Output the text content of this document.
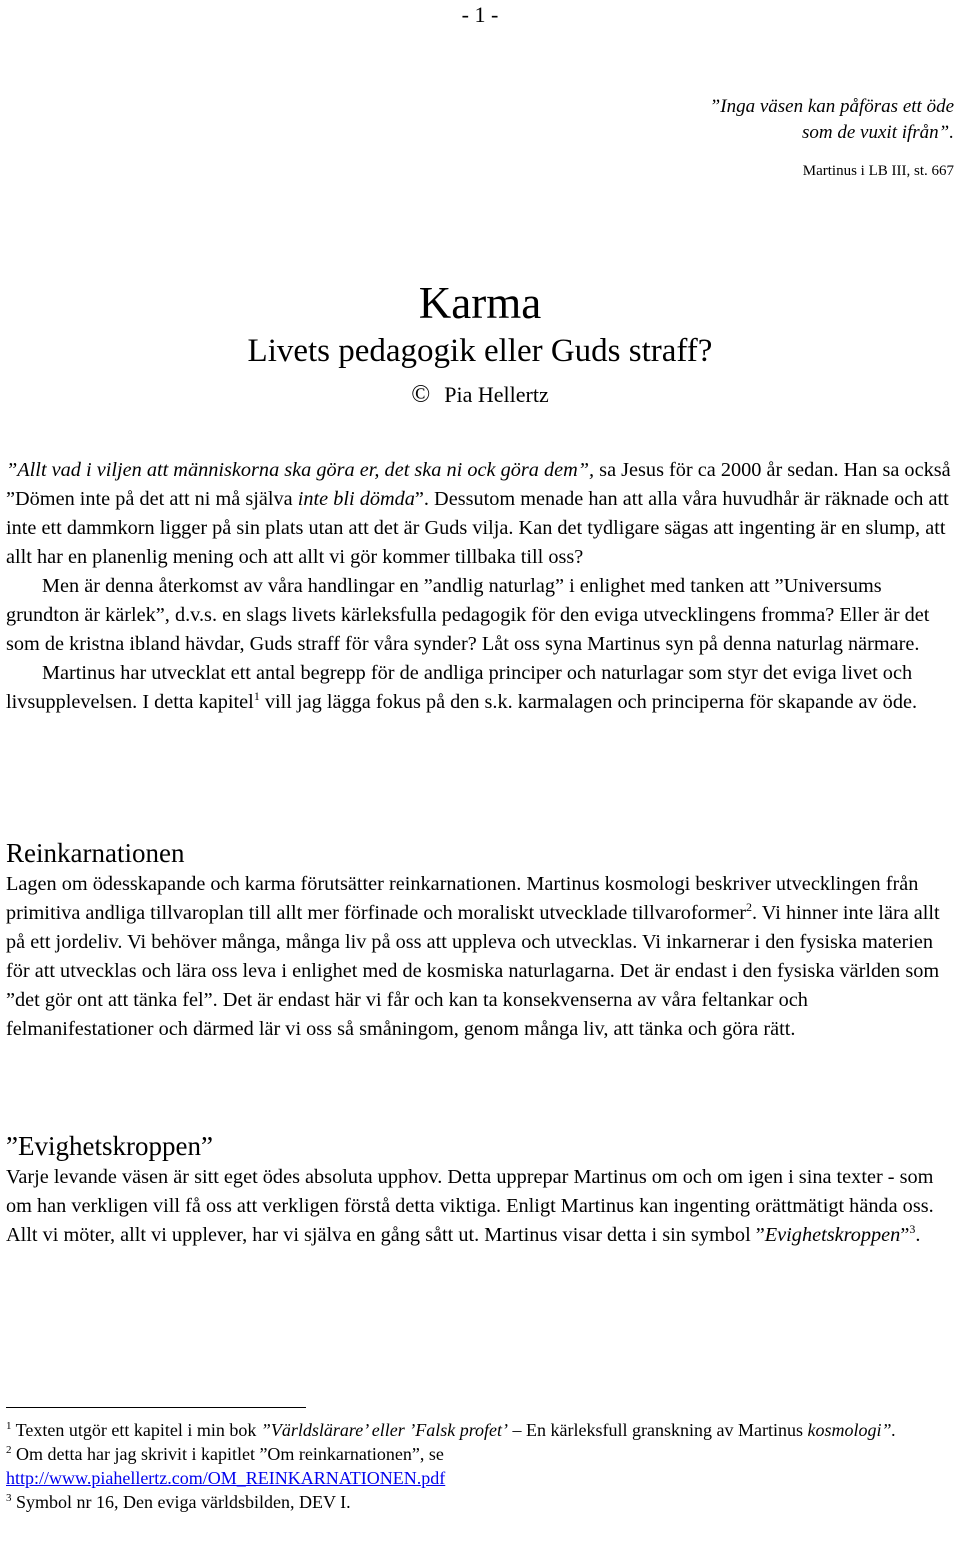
- 1 -
”Inga väsen kan påföras ett öde
som de vuxit ifrån”.
Martinus i LB III, st. 667
Karma
Livets pedagogik eller Guds straff?
© Pia Hellertz

”Allt vad i viljen att människorna ska göra er, det ska ni ock göra dem”, sa Jesus för ca 2000 år sedan. Han sa också ”Dömen inte på det att ni må själva inte bli dömda”. Dessutom menade han att alla våra huvudhår är räknade och att inte ett dammkorn ligger på sin plats utan att det är Guds vilja. Kan det tydligare sägas att ingenting är en slump, att allt har en planenlig mening och att allt vi gör kommer tillbaka till oss?

Men är denna återkomst av våra handlingar en ”andlig naturlag” i enlighet med tanken att ”Universums grundton är kärlek”, d.v.s. en slags livets kärleksfulla pedagogik för den eviga utvecklingens fromma? Eller är det som de kristna ibland hävdar, Guds straff för våra synder? Låt oss syna Martinus syn på denna naturlag närmare.

Martinus har utvecklat ett antal begrepp för de andliga principer och naturlagar som styr det eviga livet och livsupplevelsen. I detta kapitel$^1$ vill jag lägga fokus på den s.k. karmalagen och principerna för skapande av öde.

Reinkarnationen

Lagen om ödesskapande och karma förutsätter reinkarnationen. Martinus kosmologi beskriver utvecklingen från primitiva andliga tillvaroplan till allt mer förfinade och moraliskt utvecklade tillvaroformer$^2$. Vi hinner inte lära allt på ett jordeliv. Vi behöver många, många liv på oss att uppleva och utvecklas. Vi inkarnerar i den fysiska materien för att utvecklas och lära oss leva i enlighet med de kosmiska naturlagarna. Det är endast i den fysiska världen som ”det gör ont att tänka fel”. Det är endast här vi får och kan ta konsekvenserna av våra feltankar och felmanifestationer och därmed lär vi oss så småningom, genom många liv, att tänka och göra rätt.

”Evighetskroppen”

Varje levande väsen är sitt eget ödes absoluta upphov. Detta upprepar Martinus om och om igen i sina texter - som om han verkligen vill få oss att verkligen förstå detta viktiga. Enligt Martinus kan ingenting orättmätigt hända oss. Allt vi möter, allt vi upplever, har vi själva en gång sått ut. Martinus visar detta i sin symbol ”Evighetskroppen”$^3$.

$^1$ Texten utgör ett kapitel i min bok ”Världslärare’ eller ’Falsk profet’ – En kärleksfull granskning av Martinus kosmologi”.

$^2$ Om detta har jag skrivit i kapitlet ”Om reinkarnationen”, se

http://www.piahellertz.com/OM_REINKARNATIONEN.pdf

$^3$ Symbol nr 16, Den eviga världsbilden, DEV I.
